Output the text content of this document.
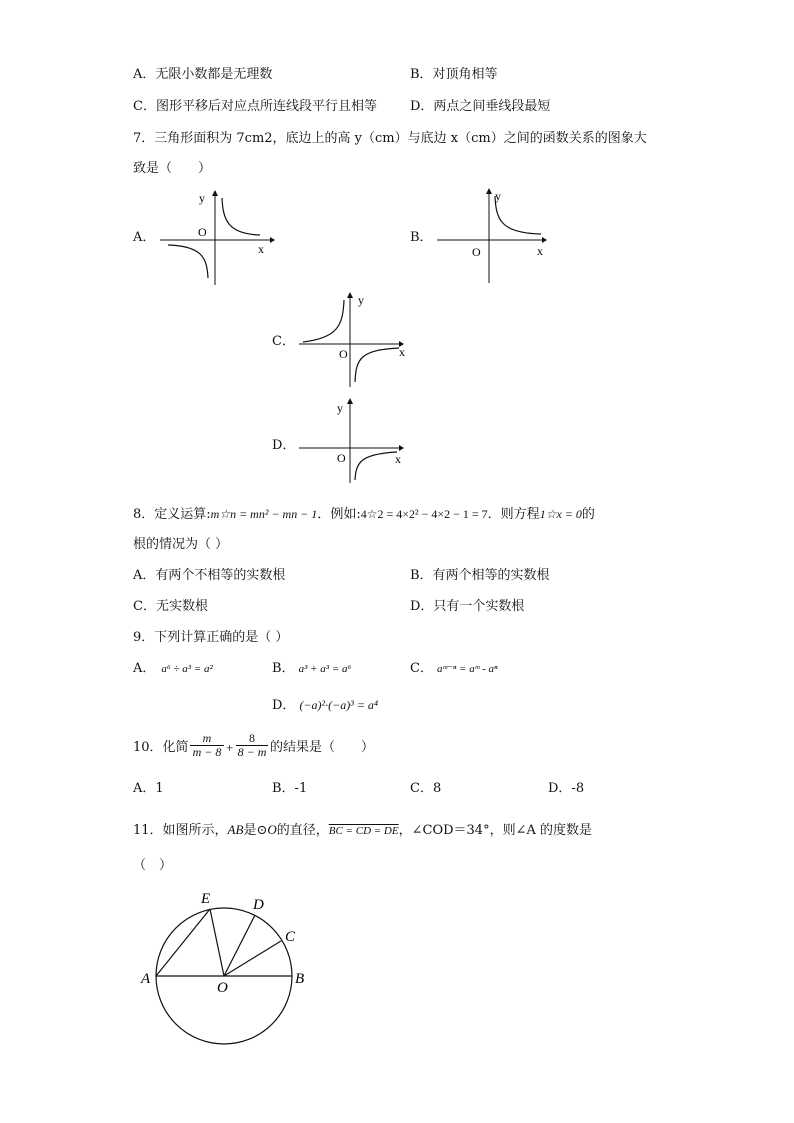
A．无限小数都是无理数	B．对顶角相等
C．图形平移后对应点所连线段平行且相等	D．两点之间垂线段最短
7．三角形面积为 7cm2，底边上的高 y（cm）与底边 x（cm）之间的函数关系的图象大
致是（　　）
A．
y
O
x
B．
y
O	x
C．
y
O	x
D．
y
O	x
8．定义运算:m☆n = mn² − mn − 1．例如:4☆2 = 4×2² − 4×2 − 1 = 7．则方程1☆x = 0的
根的情况为（ ）
A．有两个不相等的实数根	B．有两个相等的实数根
C．无实数根	D．只有一个实数根
9．下列计算正确的是（ ）
A． a⁶ ÷ a³ = a²	B． a³ + a³ = a⁶	C． aᵐ⁻ⁿ = aᵐ - aⁿ
D． (−a)²·(−a)³ = a⁴
10．化简 $\frac{m}{m - 8} + \frac{8}{8 - m}$ 的结果是（　　）
A．1	B．-1	C．8	D．-8
11．如图所示，AB是⊙O的直径，BC = CD = DE，∠COD＝34°，则∠A 的度数是
（　）
A	B
C
D
E
O
